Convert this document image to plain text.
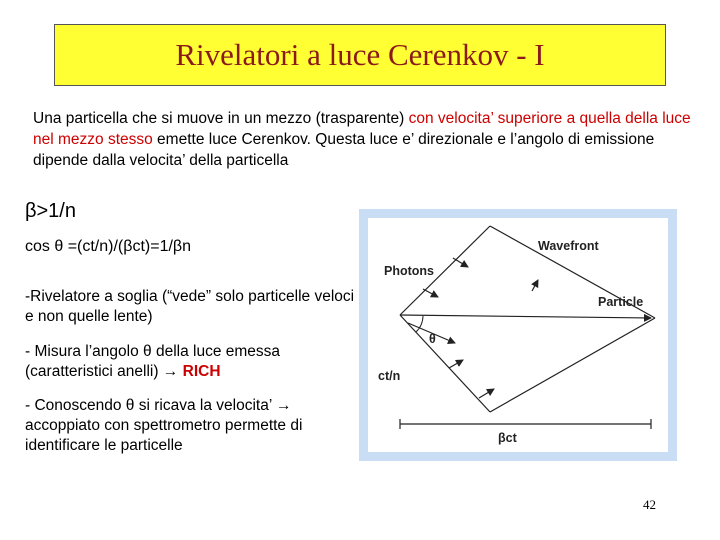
Rivelatori a luce Cerenkov - I
Una particella che si muove in un mezzo (trasparente) con velocita’ superiore a quella della luce nel mezzo stesso emette luce Cerenkov. Questa luce e’ direzionale e l’angolo di emissione dipende dalla velocita’ della particella
β>1/n
cos θ =(ct/n)/(βct)=1/βn
-Rivelatore a soglia (“vede” solo particelle veloci e non quelle lente)
- Misura l’angolo θ della luce emessa (caratteristici anelli) → RICH
- Conoscendo θ si ricava la velocita’ → accoppiato con spettrometro permette di identificare le particelle
Wavefront
Photons
Particle
θ
ct/n
βct
42
